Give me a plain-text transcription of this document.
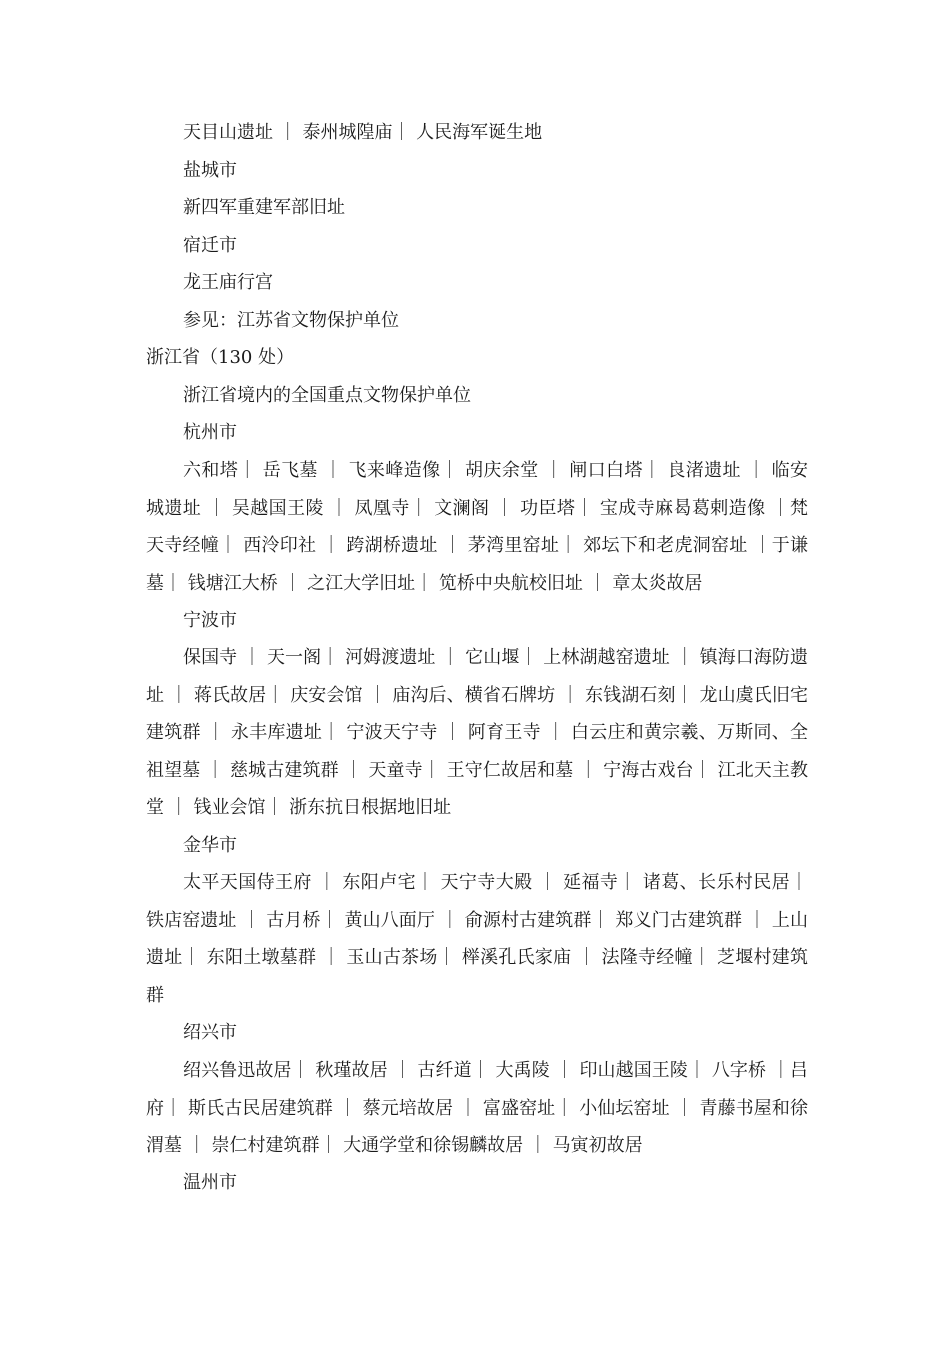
天目山遗址 ｜ 泰州城隍庙｜ 人民海军诞生地

盐城市

新四军重建军部旧址

宿迁市

龙王庙行宫

参见：江苏省文物保护单位

浙江省（130 处）

浙江省境内的全国重点文物保护单位

杭州市

六和塔｜ 岳飞墓 ｜ 飞来峰造像｜ 胡庆余堂 ｜ 闸口白塔｜ 良渚遗址 ｜ 临安城遗址 ｜ 吴越国王陵 ｜ 凤凰寺｜ 文澜阁 ｜ 功臣塔｜ 宝成寺麻曷葛剌造像 ｜梵天寺经幢｜ 西泠印社 ｜ 跨湖桥遗址 ｜ 茅湾里窑址｜ 郊坛下和老虎洞窑址 ｜于谦墓｜ 钱塘江大桥 ｜ 之江大学旧址｜ 笕桥中央航校旧址 ｜ 章太炎故居

宁波市

保国寺 ｜ 天一阁｜ 河姆渡遗址 ｜ 它山堰｜ 上林湖越窑遗址 ｜ 镇海口海防遗址 ｜ 蒋氏故居｜ 庆安会馆 ｜ 庙沟后、横省石牌坊 ｜ 东钱湖石刻｜ 龙山虞氏旧宅建筑群 ｜ 永丰库遗址｜ 宁波天宁寺 ｜ 阿育王寺 ｜ 白云庄和黄宗羲、万斯同、全祖望墓 ｜ 慈城古建筑群 ｜ 天童寺｜ 王守仁故居和墓 ｜ 宁海古戏台｜ 江北天主教堂 ｜ 钱业会馆｜ 浙东抗日根据地旧址

金华市

太平天国侍王府 ｜ 东阳卢宅｜ 天宁寺大殿 ｜ 延福寺｜ 诸葛、长乐村民居｜铁店窑遗址 ｜ 古月桥｜ 黄山八面厅 ｜ 俞源村古建筑群｜ 郑义门古建筑群 ｜ 上山遗址｜ 东阳土墩墓群 ｜ 玉山古茶场｜ 榉溪孔氏家庙 ｜ 法隆寺经幢｜ 芝堰村建筑群

绍兴市

绍兴鲁迅故居｜ 秋瑾故居 ｜ 古纤道｜ 大禹陵 ｜ 印山越国王陵｜ 八字桥 ｜吕府｜ 斯氏古民居建筑群 ｜ 蔡元培故居 ｜ 富盛窑址｜ 小仙坛窑址 ｜ 青藤书屋和徐渭墓 ｜ 崇仁村建筑群｜ 大通学堂和徐锡麟故居 ｜ 马寅初故居

温州市
